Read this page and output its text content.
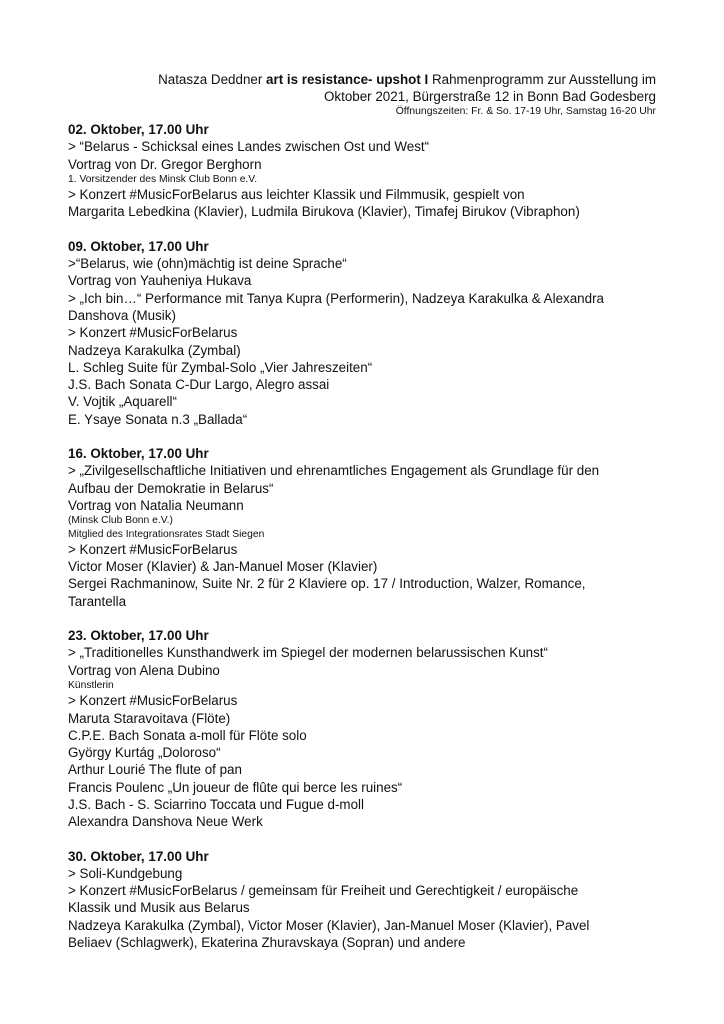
Natasza Deddner art is resistance- upshot I Rahmenprogramm zur Ausstellung im
Oktober 2021, Bürgerstraße 12 in Bonn Bad Godesberg
Öffnungszeiten: Fr. & So. 17-19 Uhr, Samstag 16-20 Uhr
02. Oktober, 17.00 Uhr
> “Belarus - Schicksal eines Landes zwischen Ost und West“
Vortrag von Dr. Gregor Berghorn
1. Vorsitzender des Minsk Club Bonn e.V.
> Konzert #MusicForBelarus aus leichter Klassik und Filmmusik, gespielt von
Margarita Lebedkina (Klavier), Ludmila Birukova (Klavier), Timafej Birukov (Vibraphon)
09. Oktober, 17.00 Uhr
>“Belarus, wie (ohn)mächtig ist deine Sprache“
Vortrag von Yauheniya Hukava
> „Ich bin…“ Performance mit Tanya Kupra (Performerin), Nadzeya Karakulka & Alexandra
Danshova (Musik)
> Konzert #MusicForBelarus
Nadzeya Karakulka (Zymbal)
L. Schleg Suite für Zymbal-Solo „Vier Jahreszeiten“
J.S. Bach Sonata C-Dur Largo, Alegro assai
V. Vojtik „Aquarell“
E. Ysaye Sonata n.3 „Ballada“
16. Oktober, 17.00 Uhr
> „Zivilgesellschaftliche Initiativen und ehrenamtliches Engagement als Grundlage für den
Aufbau der Demokratie in Belarus“
Vortrag von Natalia Neumann
(Minsk Club Bonn e.V.)
Mitglied des Integrationsrates Stadt Siegen
> Konzert #MusicForBelarus
Victor Moser (Klavier) & Jan-Manuel Moser (Klavier)
Sergei Rachmaninow, Suite Nr. 2 für 2 Klaviere op. 17 / Introduction, Walzer, Romance,
Tarantella
23. Oktober, 17.00 Uhr
> „Traditionelles Kunsthandwerk im Spiegel der modernen belarussischen Kunst“
Vortrag von Alena Dubino
Künstlerin
> Konzert #MusicForBelarus
Maruta Staravoitava (Flöte)
C.P.E. Bach Sonata a-moll für Flöte solo
György Kurtág „Doloroso“
Arthur Lourié The flute of pan
Francis Poulenc „Un joueur de flûte qui berce les ruines“
J.S. Bach - S. Sciarrino Toccata und Fugue d-moll
Alexandra Danshova Neue Werk
30. Oktober, 17.00 Uhr
> Soli-Kundgebung
> Konzert #MusicForBelarus / gemeinsam für Freiheit und Gerechtigkeit / europäische
Klassik und Musik aus Belarus
Nadzeya Karakulka (Zymbal), Victor Moser (Klavier), Jan-Manuel Moser (Klavier), Pavel
Beliaev (Schlagwerk), Ekaterina Zhuravskaya (Sopran) und andere
